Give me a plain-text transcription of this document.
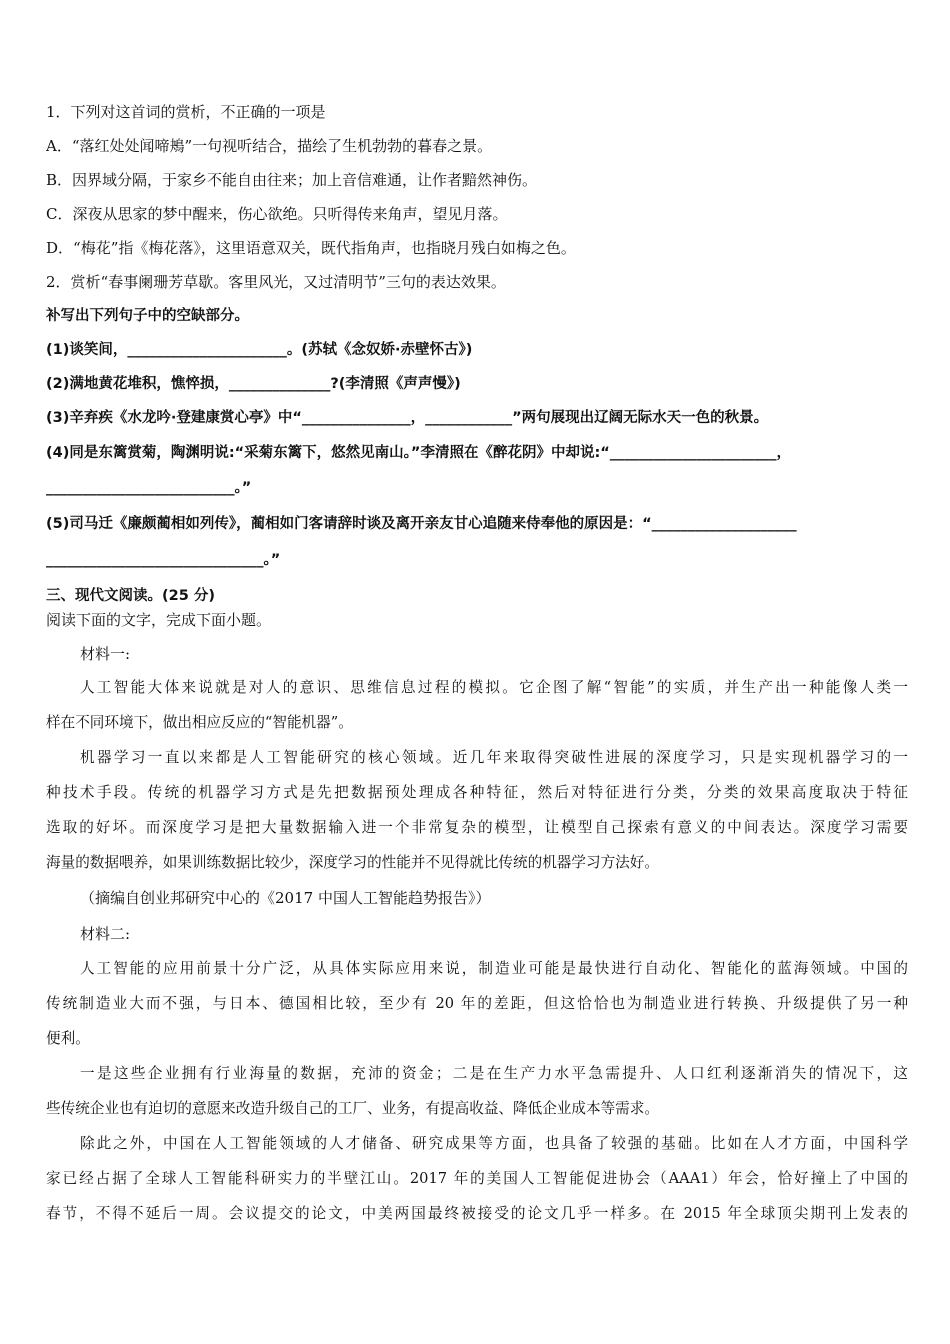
1．下列对这首词的赏析，不正确的一项是
A．“落红处处闻啼鴂”一句视听结合，描绘了生机勃勃的暮春之景。
B．因界域分隔，于家乡不能自由往来；加上音信难通，让作者黯然神伤。
C．深夜从思家的梦中醒来，伤心欲绝。只听得传来角声，望见月落。
D．“梅花”指《梅花落》，这里语意双关，既代指角声，也指晓月残白如梅之色。
2．赏析“春事阑珊芳草歇。客里风光，又过清明节”三句的表达效果。
补写出下列句子中的空缺部分。
(1)谈笑间，______________________。(苏轼《念奴娇·赤壁怀古》)
(2)满地黄花堆积，憔悴损，______________?(李清照《声声慢》)
(3)辛弃疾《水龙吟·登建康赏心亭》中“_______________，____________”两句展现出辽阔无际水天一色的秋景。
(4)同是东篱赏菊，陶渊明说:“采菊东篱下，悠然见南山。”李清照在《醉花阴》中却说:“_______________________，
__________________________。”
(5)司马迁《廉颇蔺相如列传》，蔺相如门客请辞时谈及离开亲友甘心追随来侍奉他的原因是：“____________________
______________________________。”
三、现代文阅读。(25 分)
阅读下面的文字，完成下面小题。
材料一:
人工智能大体来说就是对人的意识、思维信息过程的模拟。它企图了解“智能”的实质，并生产出一种能像人类一
样在不同环境下，做出相应反应的“智能机器”。
机器学习一直以来都是人工智能研究的核心领域。近几年来取得突破性进展的深度学习，只是实现机器学习的一
种技术手段。传统的机器学习方式是先把数据预处理成各种特征，然后对特征进行分类，分类的效果高度取决于特征
选取的好坏。而深度学习是把大量数据输入进一个非常复杂的模型，让模型自己探索有意义的中间表达。深度学习需要
海量的数据喂养，如果训练数据比较少，深度学习的性能并不见得就比传统的机器学习方法好。
（摘编自创业邦研究中心的《2017 中国人工智能趋势报告》）
材料二:
人工智能的应用前景十分广泛，从具体实际应用来说，制造业可能是最快进行自动化、智能化的蓝海领域。中国的
传统制造业大而不强，与日本、德国相比较，至少有 20 年的差距，但这恰恰也为制造业进行转换、升级提供了另一种
便利。
一是这些企业拥有行业海量的数据，充沛的资金；二是在生产力水平急需提升、人口红利逐渐消失的情况下，这
些传统企业也有迫切的意愿来改造升级自己的工厂、业务，有提高收益、降低企业成本等需求。
除此之外，中国在人工智能领域的人才储备、研究成果等方面，也具备了较强的基础。比如在人才方面，中国科学
家已经占据了全球人工智能科研实力的半壁江山。2017 年的美国人工智能促进协会（AAA1）年会，恰好撞上了中国的
春节，不得不延后一周。会议提交的论文，中美两国最终被接受的论文几乎一样多。在 2015 年全球顶尖期刊上发表的
